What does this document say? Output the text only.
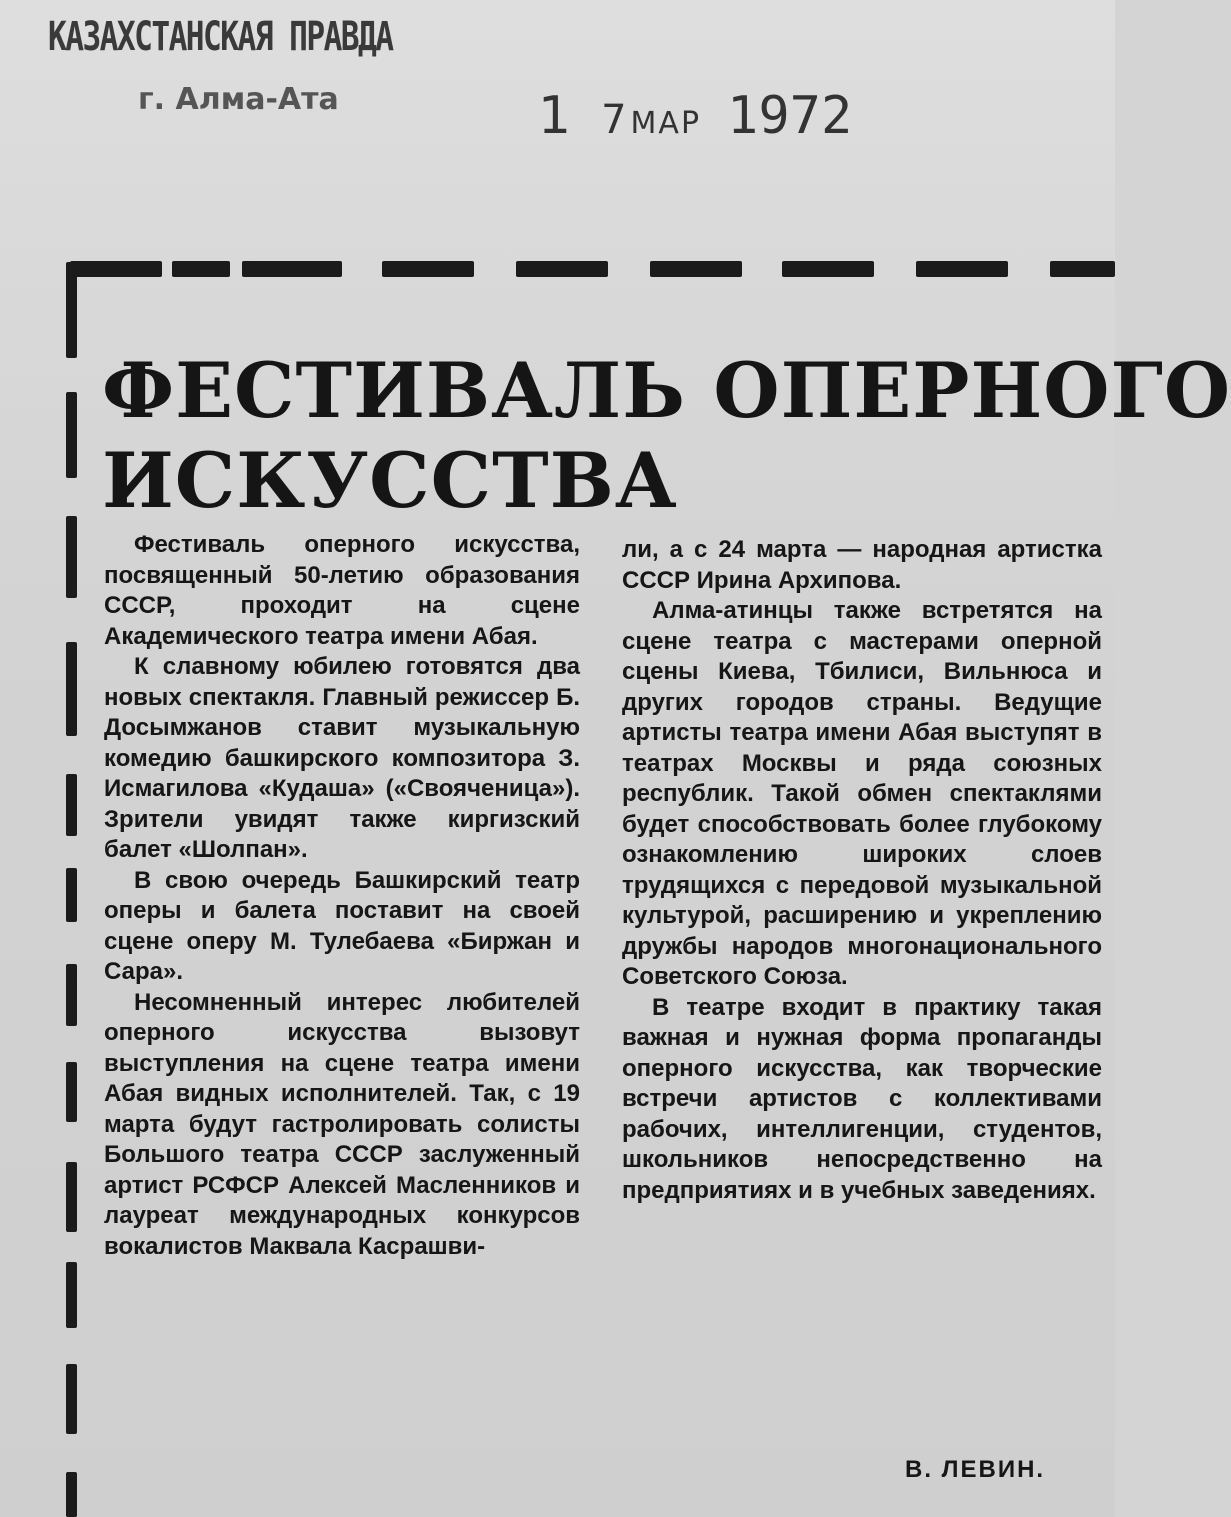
КАЗАХСТАНСКАЯ ПРАВДА
г. Алма-Ата	1 7 МАР 1972
ФЕСТИВАЛЬ ОПЕРНОГО
ИСКУССТВА

Фестиваль оперного искусства, посвященный 50-летию образования СССР, проходит на сцене Академического театра имени Абая.

К славному юбилею готовятся два новых спектакля. Главный режиссер Б. Досымжанов ставит музыкальную комедию башкирского композитора З. Исмагилова «Кудаша» («Свояченица»). Зрители увидят также киргизский балет «Шолпан».

В свою очередь Башкирский театр оперы и балета поставит на своей сцене оперу М. Тулебаева «Биржан и Сара».

Несомненный интерес любителей оперного искусства вызовут выступления на сцене театра имени Абая видных исполнителей. Так, с 19 марта будут гастролировать солисты Большого театра СССР заслуженный артист РСФСР Алексей Масленников и лауреат международных конкурсов вокалистов Маквала Касрашви-

ли, а с 24 марта — народная артистка СССР Ирина Архипова.

Алма-атинцы также встретятся на сцене театра с мастерами оперной сцены Киева, Тбилиси, Вильнюса и других городов страны. Ведущие артисты театра имени Абая выступят в театрах Москвы и ряда союзных республик. Такой обмен спектаклями будет способствовать более глубокому ознакомлению широких слоев трудящихся с передовой музыкальной культурой, расширению и укреплению дружбы народов многонационального Советского Союза.

В театре входит в практику такая важная и нужная форма пропаганды оперного искусства, как творческие встречи артистов с коллективами рабочих, интеллигенции, студентов, школьников непосредственно на предприятиях и в учебных заведениях.

В. ЛЕВИН.
